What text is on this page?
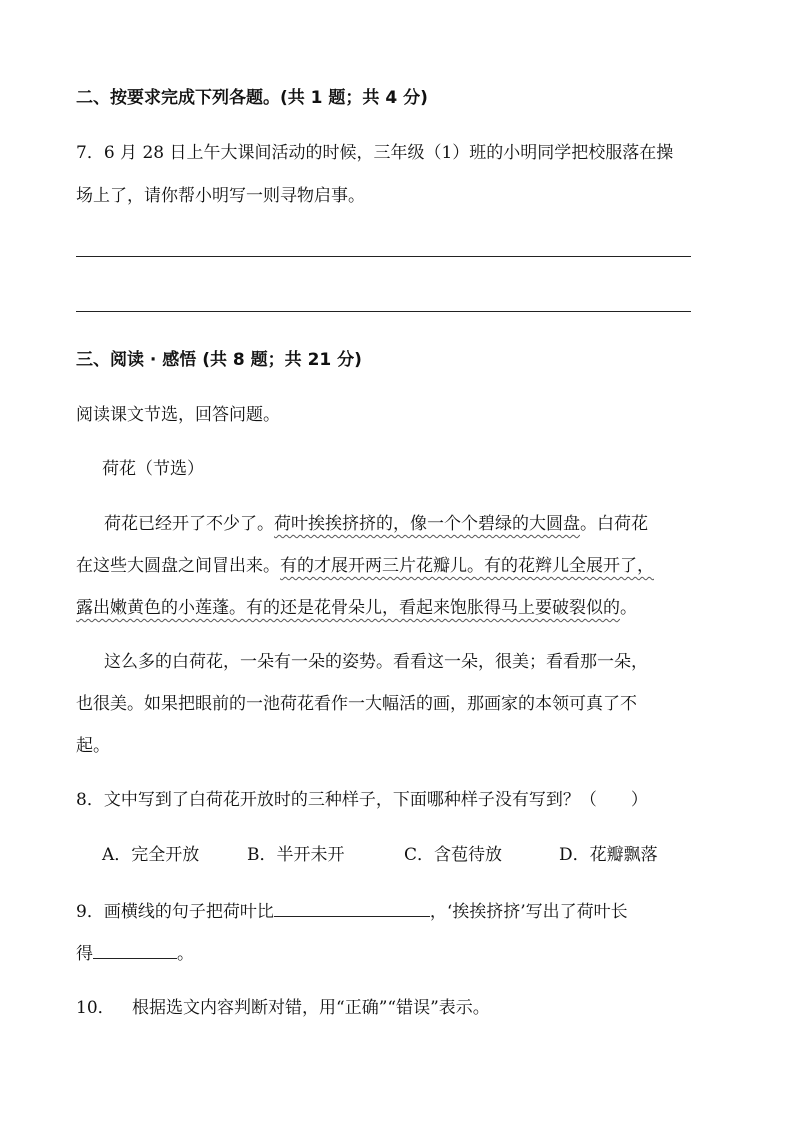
二、按要求完成下列各题。(共 1 题；共 4 分)
7．6 月 28 日上午大课间活动的时候，三年级（1）班的小明同学把校服落在操
场上了，请你帮小明写一则寻物启事。
三、阅读 · 感悟 (共 8 题；共 21 分)
阅读课文节选，回答问题。
荷花（节选）
荷花已经开了不少了。荷叶挨挨挤挤的，像一个个碧绿的大圆盘。白荷花
在这些大圆盘之间冒出来。有的才展开两三片花瓣儿。有的花辫儿全展开了，
露出嫩黄色的小莲蓬。有的还是花骨朵儿，看起来饱胀得马上要破裂似的。
这么多的白荷花，一朵有一朵的姿势。看看这一朵，很美；看看那一朵，
也很美。如果把眼前的一池荷花看作一大幅活的画，那画家的本领可真了不
起。
8．文中写到了白荷花开放时的三种样子，下面哪种样子没有写到？（　　）
A．完全开放	B．半开未开	C．含苞待放	D．花瓣飘落
9．画横线的句子把荷叶比	，‘挨挨挤挤’写出了荷叶长
得	。
10． 根据选文内容判断对错，用“正确”“错误”表示。
